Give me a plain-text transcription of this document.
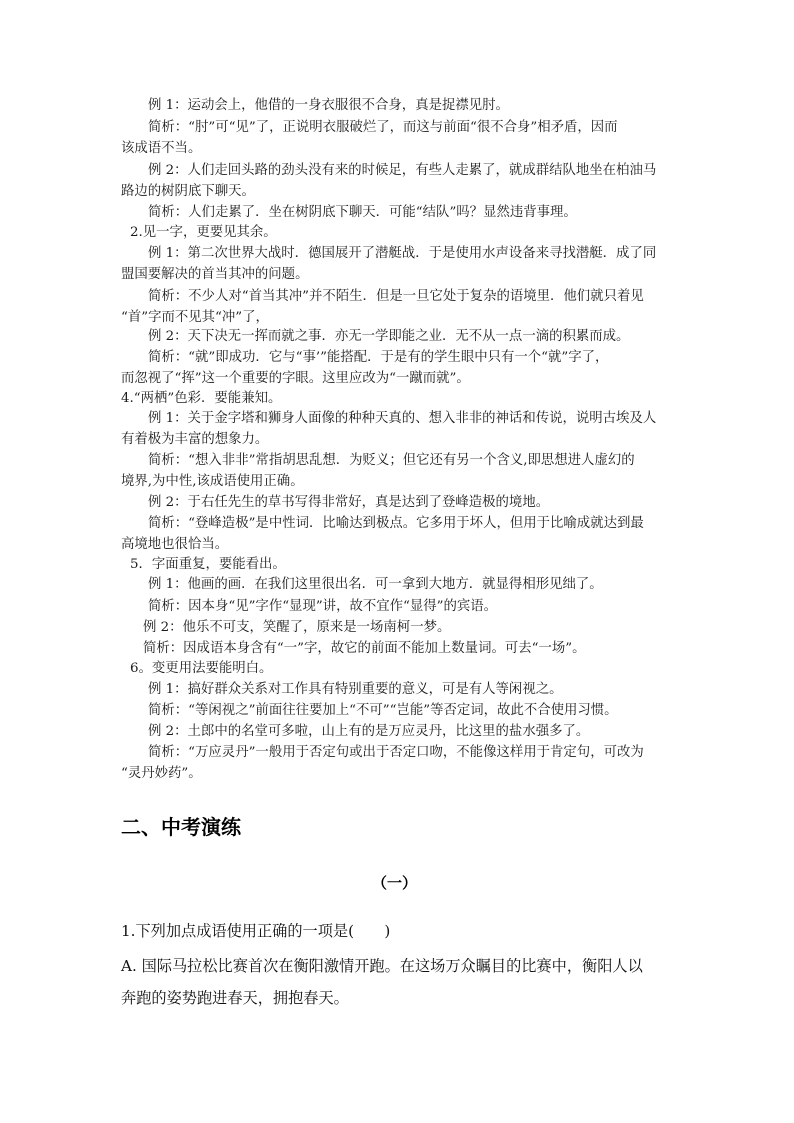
例 1：运动会上，他借的一身衣服很不合身，真是捉襟见肘。
简析：“肘”可“见”了，正说明衣服破烂了，而这与前面“很不合身”相矛盾，因而
该成语不当。
例 2：人们走回头路的劲头没有来的时候足，有些人走累了，就成群结队地坐在柏油马
路边的树阴底下聊天。
简析：人们走累了．坐在树阴底下聊天．可能“结队”吗？显然违背事理。
2.见一字，更要见其余。
例 1：第二次世界大战时．德国展开了潜艇战．于是使用水声设备来寻找潜艇．成了同
盟国要解决的首当其冲的问题。
简析：不少人对“首当其冲”并不陌生．但是一旦它处于复杂的语境里．他们就只着见
“首”字而不见其“冲”了，
例 2：天下决无一挥而就之事．亦无一学即能之业．无不从一点一滴的积累而成。
简析：“就”即成功．它与“事’”能搭配．于是有的学生眼中只有一个“就”字了，
而忽视了“挥”这一个重要的字眼。这里应改为“一蹴而就”。
4.“两栖”色彩．要能兼知。
例 1：关于金字塔和狮身人面像的种种天真的、想入非非的神话和传说，说明古埃及人
有着极为丰富的想象力。
简析：“想入非非”常指胡思乱想．为贬义；但它还有另一个含义,即思想进人虚幻的
境界,为中性,该成语使用正确。
例 2：于右任先生的草书写得非常好，真是达到了登峰造极的境地。
简析：“登峰造极”是中性词．比喻达到极点。它多用于坏人，但用于比喻成就达到最
高境地也很恰当。
5．字面重复，要能看出。
例 1：他画的画．在我们这里很出名．可一拿到大地方．就显得相形见绌了。
简析：因本身“见”字作“显现”讲，故不宜作“显得”的宾语。
例 2：他乐不可支，笑醒了，原来是一场南柯一梦。
简析：因成语本身含有“一”字，故它的前面不能加上数量词。可去“一场”。
6。变更用法要能明白。
例 1：搞好群众关系对工作具有特别重要的意义，可是有人等闲视之。
简析：“等闲视之”前面往往要加上“不可”“岂能”等否定词，故此不合使用习惯。
例 2：土郎中的名堂可多啦，山上有的是万应灵丹，比这里的盐水强多了。
简析：“万应灵丹”一般用于否定句或出于否定口吻，不能像这样用于肯定句，可改为
“灵丹妙药”。
二、中考演练
（一）
1.下列加点成语使用正确的一项是(　　)
A. 国际马拉松比赛首次在衡阳激情开跑。在这场万众瞩目的比赛中，衡阳人以
奔跑的姿势跑进春天，拥抱春天。
